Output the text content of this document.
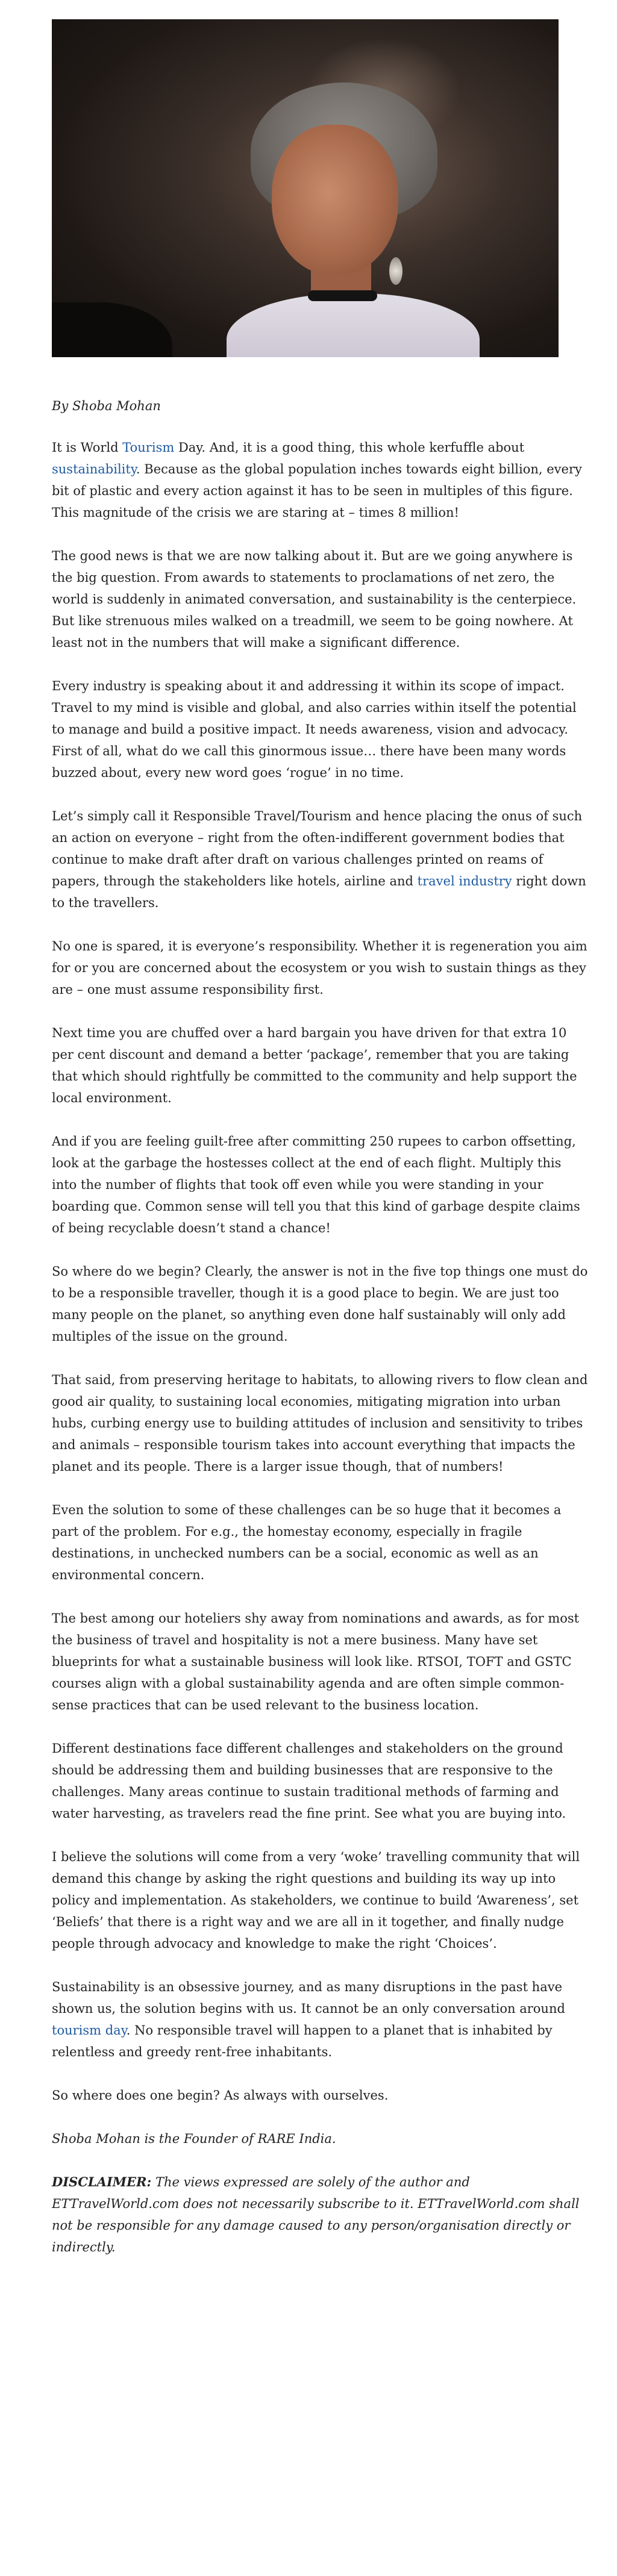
By Shoba Mohan

It is World Tourism Day. And, it is a good thing, this whole kerfuffle about sustainability. Because as the global population inches towards eight billion, every bit of plastic and every action against it has to be seen in multiples of this figure. This magnitude of the crisis we are staring at – times 8 million!

The good news is that we are now talking about it. But are we going anywhere is the big question. From awards to statements to proclamations of net zero, the world is suddenly in animated conversation, and sustainability is the centerpiece. But like strenuous miles walked on a treadmill, we seem to be going nowhere. At least not in the numbers that will make a significant difference.

Every industry is speaking about it and addressing it within its scope of impact. Travel to my mind is visible and global, and also carries within itself the potential to manage and build a positive impact. It needs awareness, vision and advocacy. First of all, what do we call this ginormous issue… there have been many words buzzed about, every new word goes ‘rogue’ in no time.

Let’s simply call it Responsible Travel/Tourism and hence placing the onus of such an action on everyone – right from the often-indifferent government bodies that continue to make draft after draft on various challenges printed on reams of papers, through the stakeholders like hotels, airline and travel industry right down to the travellers.

No one is spared, it is everyone’s responsibility. Whether it is regeneration you aim for or you are concerned about the ecosystem or you wish to sustain things as they are – one must assume responsibility first.

Next time you are chuffed over a hard bargain you have driven for that extra 10 per cent discount and demand a better ‘package’, remember that you are taking that which should rightfully be committed to the community and help support the local environment.

And if you are feeling guilt-free after committing 250 rupees to carbon offsetting, look at the garbage the hostesses collect at the end of each flight. Multiply this into the number of flights that took off even while you were standing in your boarding que. Common sense will tell you that this kind of garbage despite claims of being recyclable doesn’t stand a chance!

So where do we begin? Clearly, the answer is not in the five top things one must do to be a responsible traveller, though it is a good place to begin. We are just too many people on the planet, so anything even done half sustainably will only add multiples of the issue on the ground.

That said, from preserving heritage to habitats, to allowing rivers to flow clean and good air quality, to sustaining local economies, mitigating migration into urban hubs, curbing energy use to building attitudes of inclusion and sensitivity to tribes and animals – responsible tourism takes into account everything that impacts the planet and its people. There is a larger issue though, that of numbers!

Even the solution to some of these challenges can be so huge that it becomes a part of the problem. For e.g., the homestay economy, especially in fragile destinations, in unchecked numbers can be a social, economic as well as an environmental concern.

The best among our hoteliers shy away from nominations and awards, as for most the business of travel and hospitality is not a mere business. Many have set blueprints for what a sustainable business will look like. RTSOI, TOFT and GSTC courses align with a global sustainability agenda and are often simple common-sense practices that can be used relevant to the business location.

Different destinations face different challenges and stakeholders on the ground should be addressing them and building businesses that are responsive to the challenges. Many areas continue to sustain traditional methods of farming and water harvesting, as travelers read the fine print. See what you are buying into.

I believe the solutions will come from a very ‘woke’ travelling community that will demand this change by asking the right questions and building its way up into policy and implementation. As stakeholders, we continue to build ‘Awareness’, set ‘Beliefs’ that there is a right way and we are all in it together, and finally nudge people through advocacy and knowledge to make the right ‘Choices’.

Sustainability is an obsessive journey, and as many disruptions in the past have shown us, the solution begins with us. It cannot be an only conversation around tourism day. No responsible travel will happen to a planet that is inhabited by relentless and greedy rent-free inhabitants.

So where does one begin? As always with ourselves.

Shoba Mohan is the Founder of RARE India.

DISCLAIMER: The views expressed are solely of the author and ETTravelWorld.com does not necessarily subscribe to it. ETTravelWorld.com shall not be responsible for any damage caused to any person/organisation directly or indirectly.
